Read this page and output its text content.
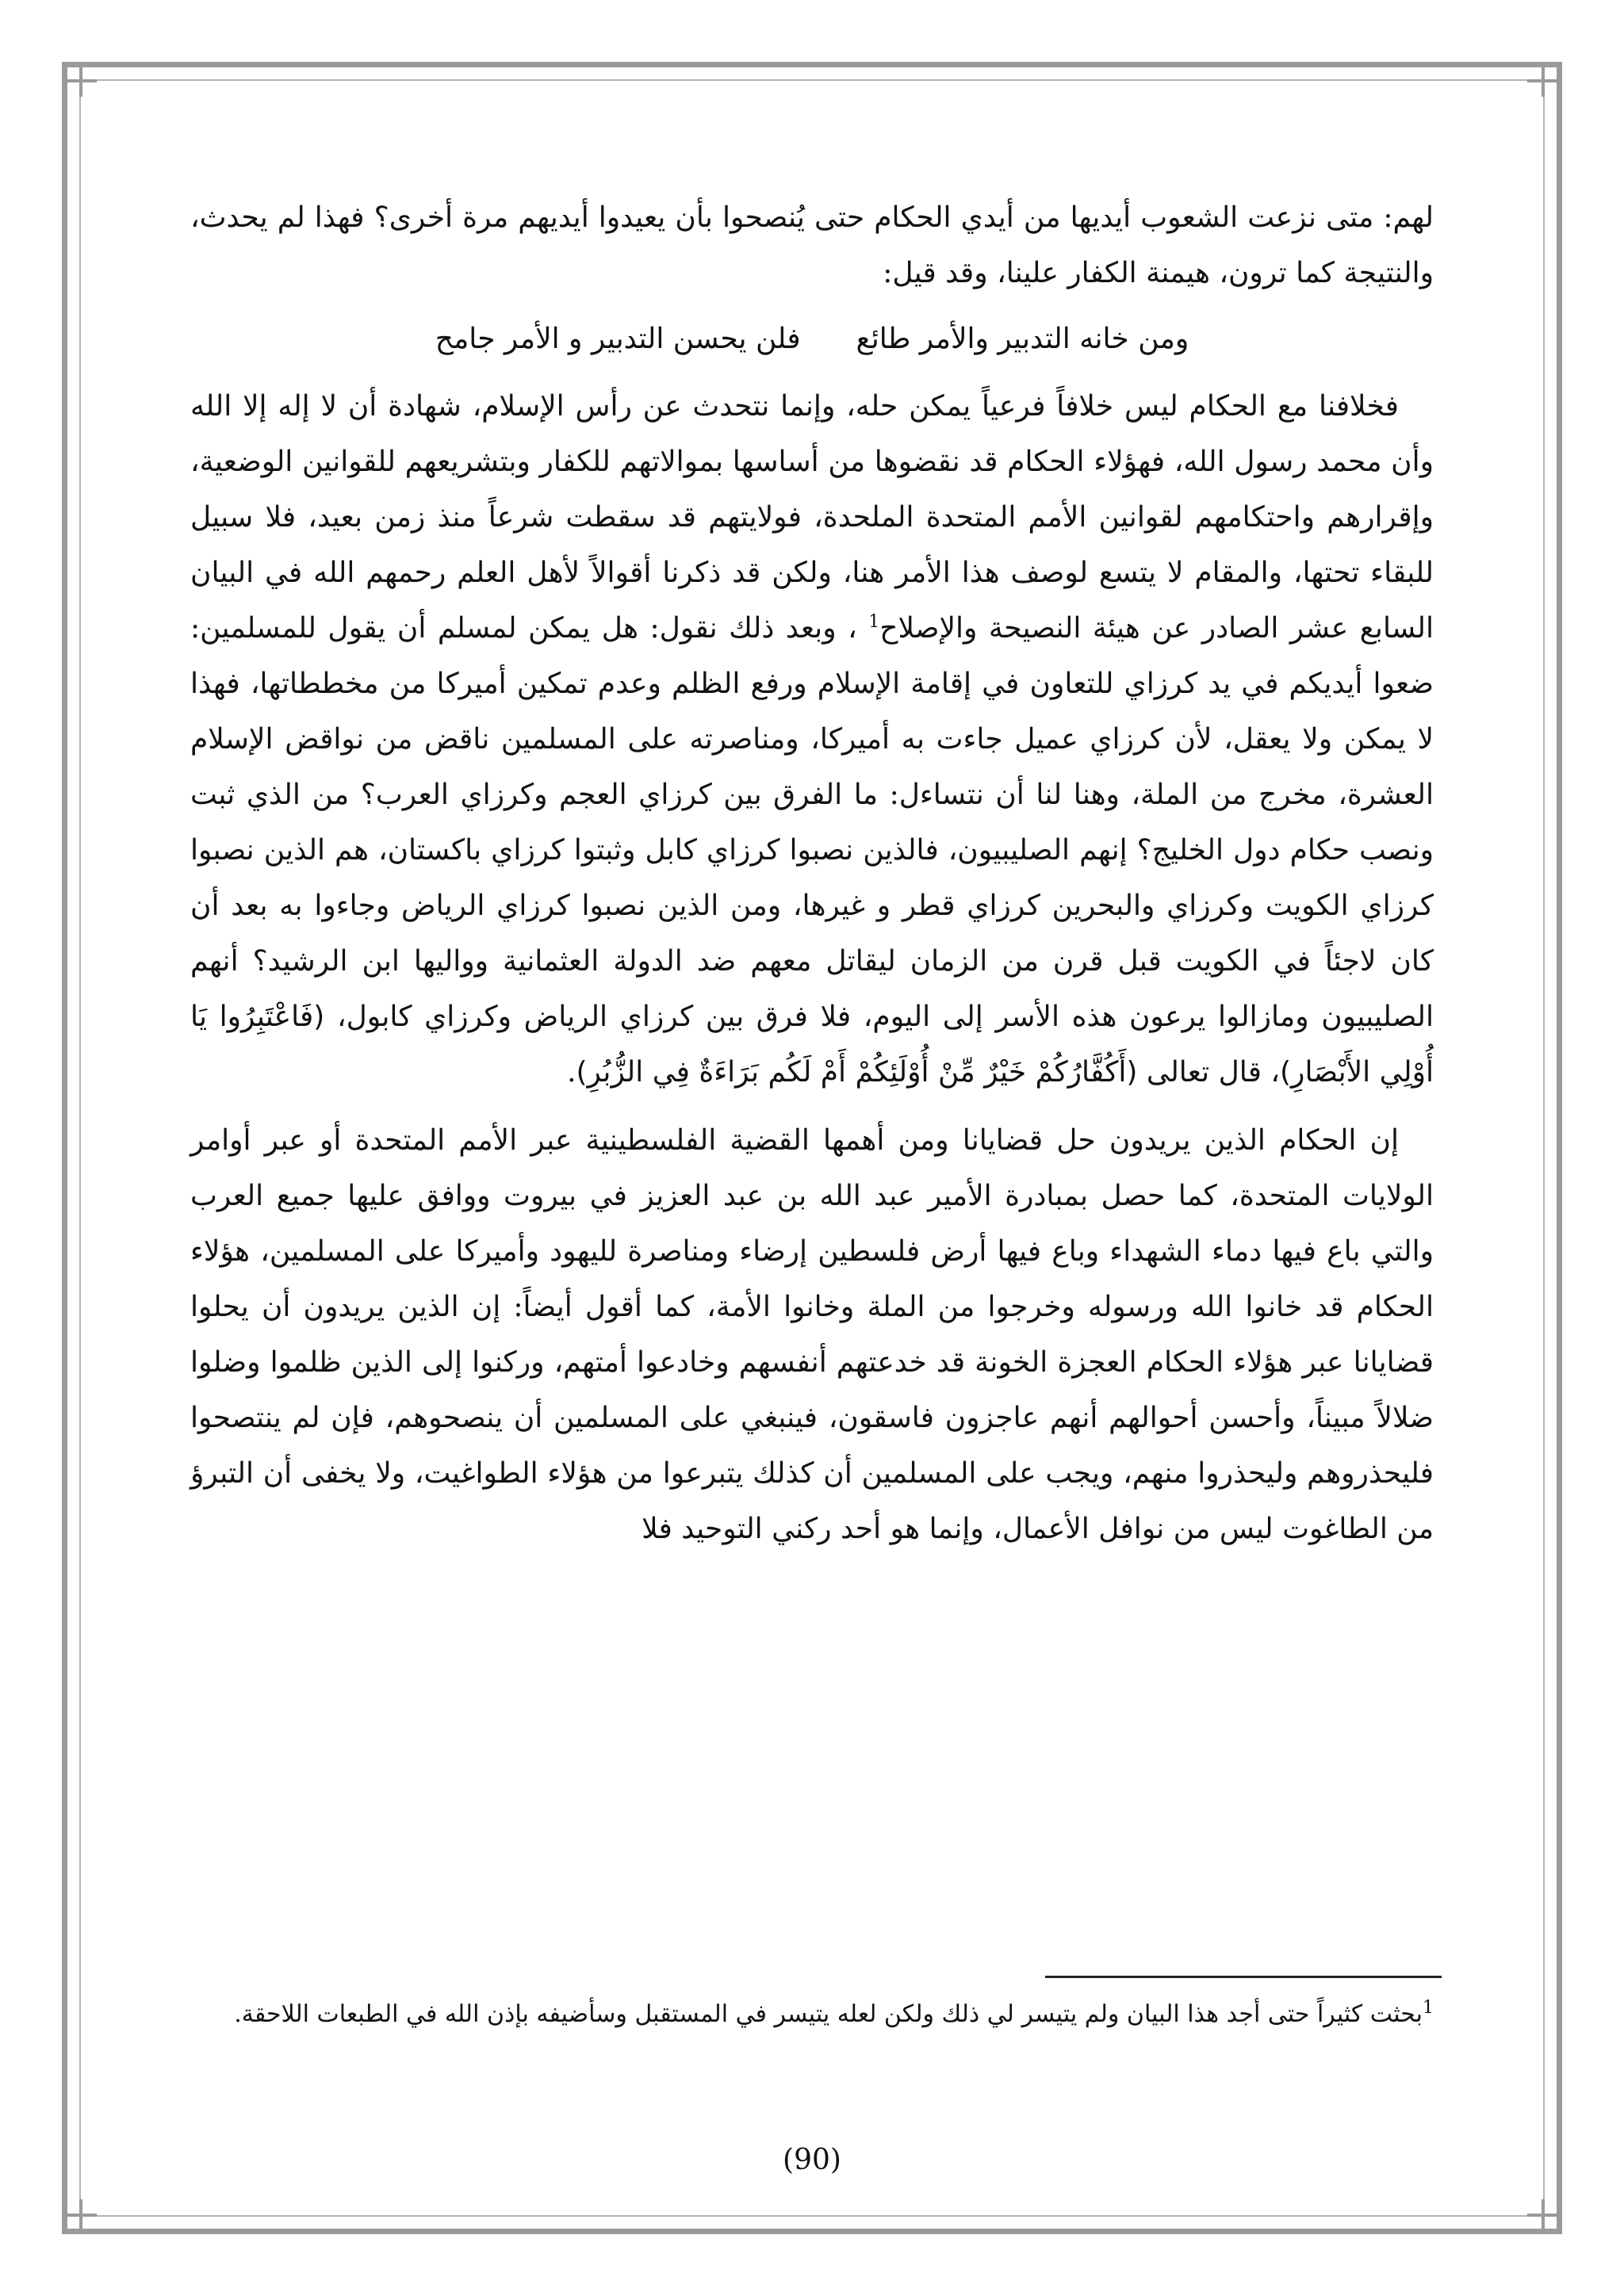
لهم: متى نزعت الشعوب أيديها من أيدي الحكام حتى يُنصحوا بأن يعيدوا أيديهم مرة أخرى؟ فهذا لم يحدث، والنتيجة كما ترون، هيمنة الكفار علينا، وقد قيل:

ومن خانه التدبير والأمر طائع
فلن يحسن التدبير و الأمر جامح

فخلافنا مع الحكام ليس خلافاً فرعياً يمكن حله، وإنما نتحدث عن رأس الإسلام، شهادة أن لا إله إلا الله وأن محمد رسول الله، فهؤلاء الحكام قد نقضوها من أساسها بموالاتهم للكفار وبتشريعهم للقوانين الوضعية، وإقرارهم واحتكامهم لقوانين الأمم المتحدة الملحدة، فولايتهم قد سقطت شرعاً منذ زمن بعيد، فلا سبيل للبقاء تحتها، والمقام لا يتسع لوصف هذا الأمر هنا، ولكن قد ذكرنا أقوالاً لأهل العلم رحمهم الله في البيان السابع عشر الصادر عن هيئة النصيحة والإصلاح$^1$ ، وبعد ذلك نقول: هل يمكن لمسلم أن يقول للمسلمين: ضعوا أيديكم في يد كرزاي للتعاون في إقامة الإسلام ورفع الظلم وعدم تمكين أميركا من مخططاتها، فهذا لا يمكن ولا يعقل، لأن كرزاي عميل جاءت به أميركا، ومناصرته على المسلمين ناقض من نواقض الإسلام العشرة، مخرج من الملة، وهنا لنا أن نتساءل: ما الفرق بين كرزاي العجم وكرزاي العرب؟ من الذي ثبت ونصب حكام دول الخليج؟ إنهم الصليبيون، فالذين نصبوا كرزاي كابل وثبتوا كرزاي باكستان، هم الذين نصبوا كرزاي الكويت وكرزاي والبحرين كرزاي قطر و غيرها، ومن الذين نصبوا كرزاي الرياض وجاءوا به بعد أن كان لاجئاً في الكويت قبل قرن من الزمان ليقاتل معهم ضد الدولة العثمانية وواليها ابن الرشيد؟ أنهم الصليبيون ومازالوا يرعون هذه الأسر إلى اليوم، فلا فرق بين كرزاي الرياض وكرزاي كابول، (فَاعْتَبِرُوا يَا أُوْلِي الأَبْصَارِ)، قال تعالى (أَكُفَّارُكُمْ خَيْرٌ مِّنْ أُوْلَئِكُمْ أَمْ لَكُم بَرَاءَةٌ فِي الزُّبُرِ).

إن الحكام الذين يريدون حل قضايانا ومن أهمها القضية الفلسطينية عبر الأمم المتحدة أو عبر أوامر الولايات المتحدة، كما حصل بمبادرة الأمير عبد الله بن عبد العزيز في بيروت ووافق عليها جميع العرب والتي باع فيها دماء الشهداء وباع فيها أرض فلسطين إرضاء ومناصرة لليهود وأميركا على المسلمين، هؤلاء الحكام قد خانوا الله ورسوله وخرجوا من الملة وخانوا الأمة، كما أقول أيضاً: إن الذين يريدون أن يحلوا قضايانا عبر هؤلاء الحكام العجزة الخونة قد خدعتهم أنفسهم وخادعوا أمتهم، وركنوا إلى الذين ظلموا وضلوا ضلالاً مبيناً، وأحسن أحوالهم أنهم عاجزون فاسقون، فينبغي على المسلمين أن ينصحوهم، فإن لم ينتصحوا فليحذروهم وليحذروا منهم، ويجب على المسلمين أن كذلك يتبرعوا من هؤلاء الطواغيت، ولا يخفى أن التبرؤ من الطاغوت ليس من نوافل الأعمال، وإنما هو أحد ركني التوحيد فلا

$^1$بحثت كثيراً حتى أجد هذا البيان ولم يتيسر لي ذلك ولكن لعله يتيسر في المستقبل وسأضيفه بإذن الله في الطبعات اللاحقة.
(90)
